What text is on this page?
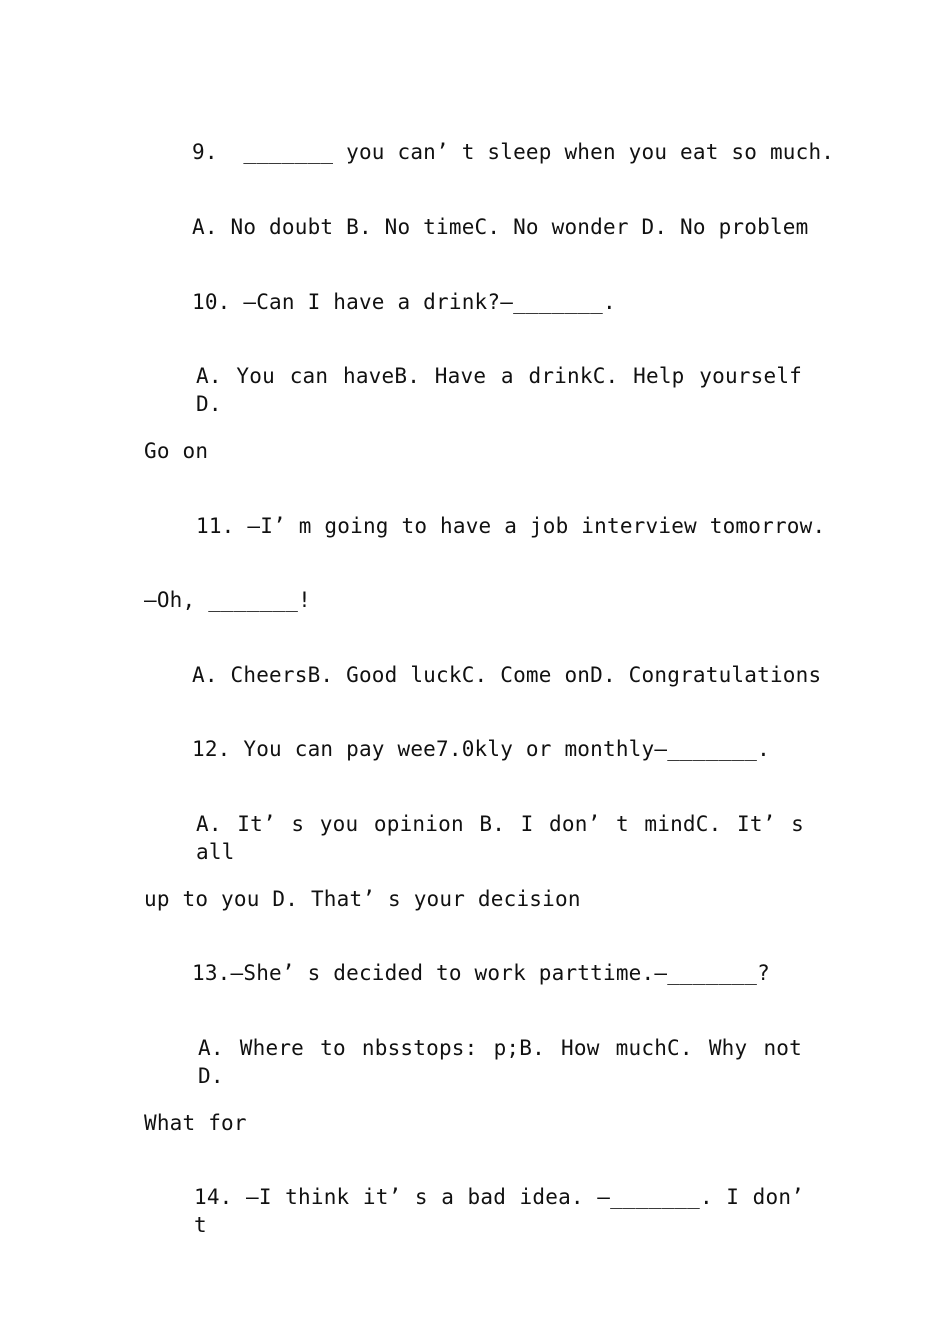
9.  _______ you can’ t sleep when you eat so much.
A. No doubt B. No timeC. No wonder D. No problem
10. —Can I have a drink?—_______.
A. You can haveB. Have a drinkC. Help yourself D.
Go on
11. —I’ m going to have a job interview tomorrow.
—Oh, _______!
A. CheersB. Good luckC. Come onD. Congratulations
12. You can pay wee7.0kly or monthly—_______.
A. It’ s you opinion B. I don’ t mindC. It’ s all
up to you D. That’ s your decision
13.—She’ s decided to work parttime.—_______?
A. Where to nbsstops: p;B. How muchC. Why not D.
What for
14. —I think it’ s a bad idea. —_______. I don’ t
